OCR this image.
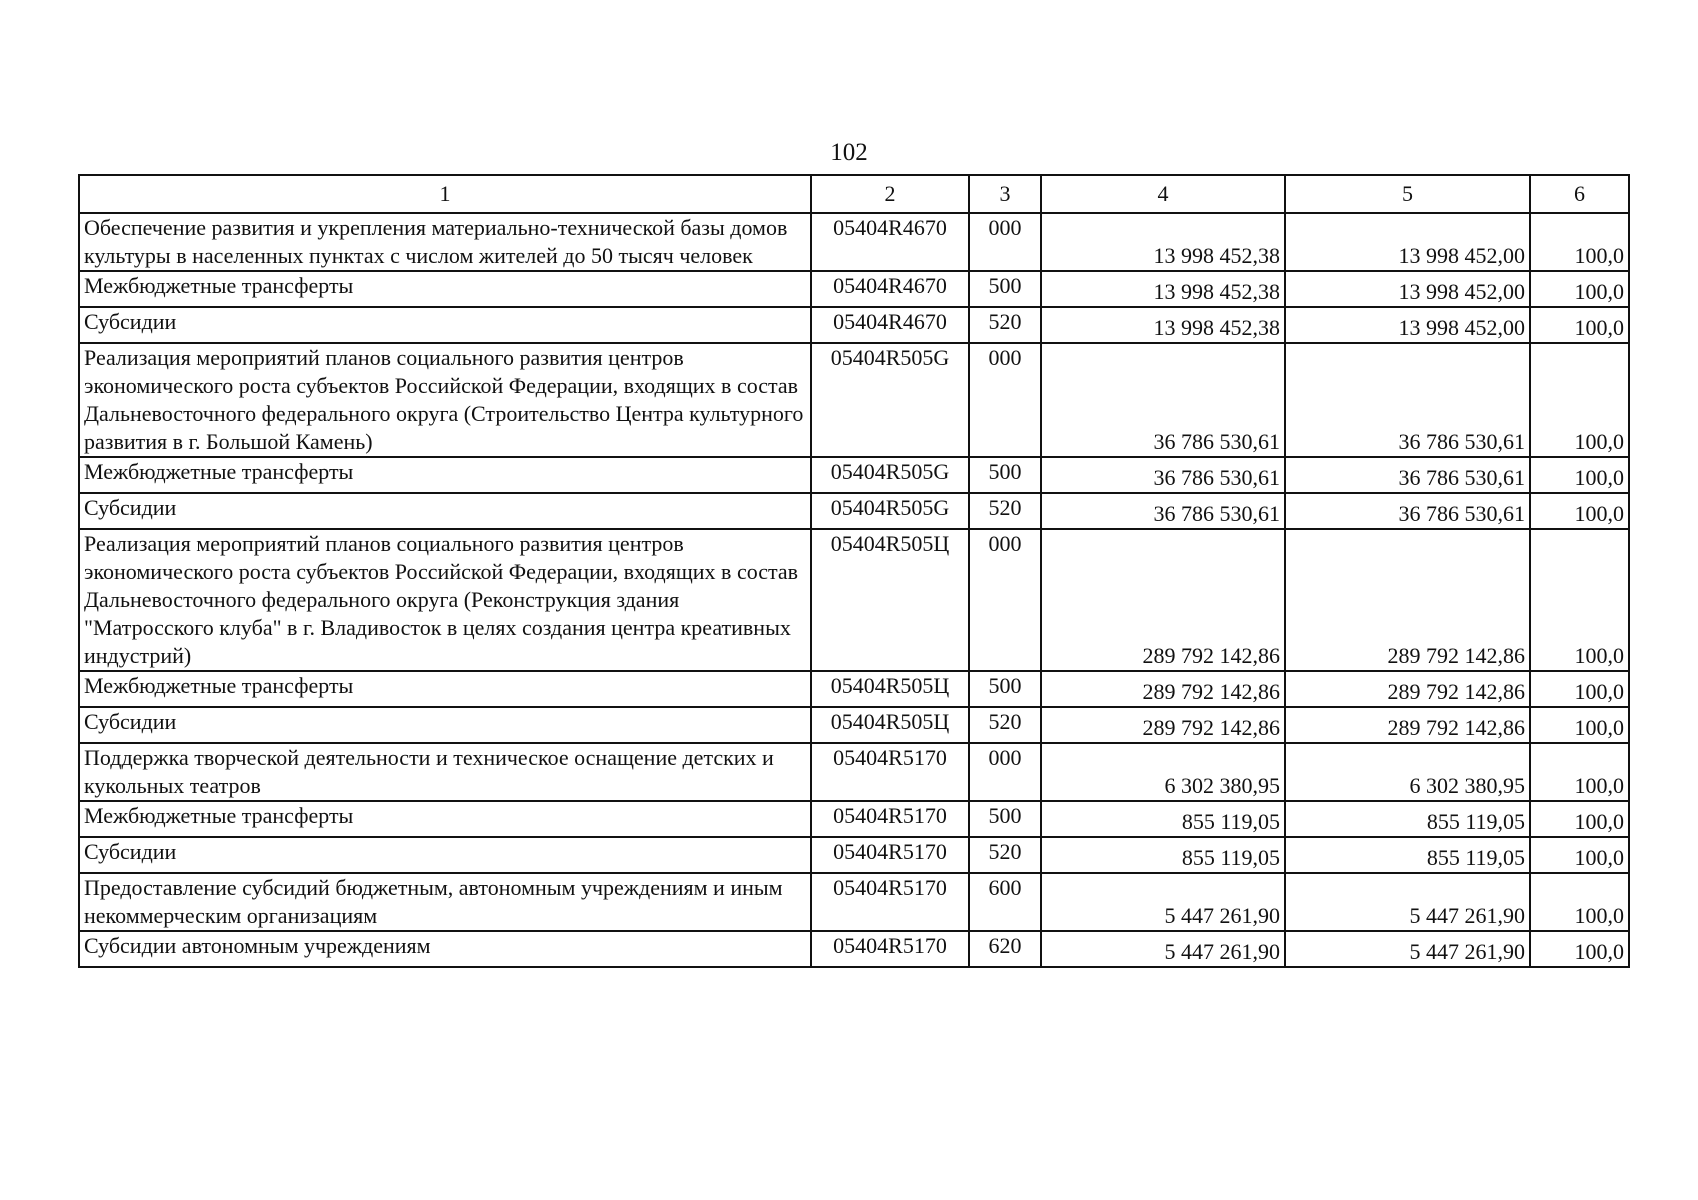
102
1	2	3	4	5	6
Обеспечение развития и укрепления материально-технической базы домов культуры в населенных пунктах с числом жителей до 50 тысяч человек	05404R4670	000	13 998 452,38	13 998 452,00	100,0
Межбюджетные трансферты	05404R4670	500	13 998 452,38	13 998 452,00	100,0
Субсидии	05404R4670	520	13 998 452,38	13 998 452,00	100,0
Реализация мероприятий планов социального развития центров экономического роста субъектов Российской Федерации, входящих в состав Дальневосточного федерального округа (Строительство Центра культурного развития в г. Большой Камень)	05404R505G	000	36 786 530,61	36 786 530,61	100,0
Межбюджетные трансферты	05404R505G	500	36 786 530,61	36 786 530,61	100,0
Субсидии	05404R505G	520	36 786 530,61	36 786 530,61	100,0
Реализация мероприятий планов социального развития центров экономического роста субъектов Российской Федерации, входящих в состав Дальневосточного федерального округа (Реконструкция здания "Матросского клуба" в г. Владивосток в целях создания центра креативных индустрий)	05404R505Ц	000	289 792 142,86	289 792 142,86	100,0
Межбюджетные трансферты	05404R505Ц	500	289 792 142,86	289 792 142,86	100,0
Субсидии	05404R505Ц	520	289 792 142,86	289 792 142,86	100,0
Поддержка творческой деятельности и техническое оснащение детских и кукольных театров	05404R5170	000	6 302 380,95	6 302 380,95	100,0
Межбюджетные трансферты	05404R5170	500	855 119,05	855 119,05	100,0
Субсидии	05404R5170	520	855 119,05	855 119,05	100,0
Предоставление субсидий бюджетным, автономным учреждениям и иным некоммерческим организациям	05404R5170	600	5 447 261,90	5 447 261,90	100,0
Субсидии автономным учреждениям	05404R5170	620	5 447 261,90	5 447 261,90	100,0
